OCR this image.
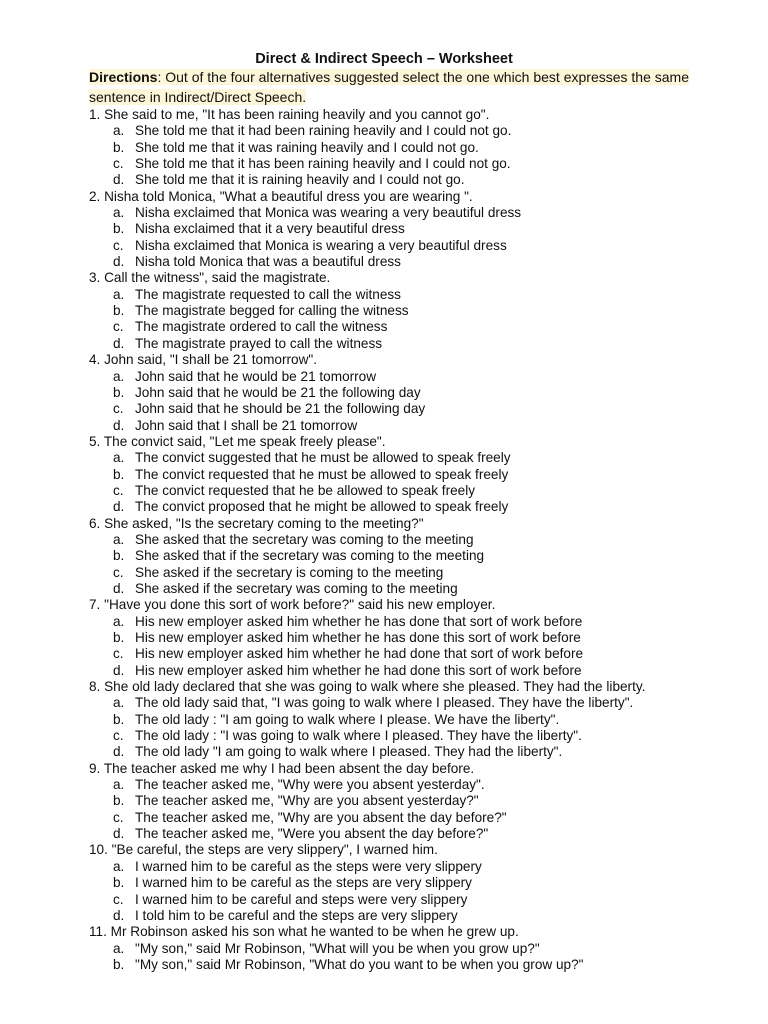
Direct & Indirect Speech – Worksheet
Directions: Out of the four alternatives suggested select the one which best expresses the same
sentence in Indirect/Direct Speech.
1. She said to me, "It has been raining heavily and you cannot go".
a. She told me that it had been raining heavily and I could not go.
b. She told me that it was raining heavily and I could not go.
c. She told me that it has been raining heavily and I could not go.
d. She told me that it is raining heavily and I could not go.
2. Nisha told Monica, "What a beautiful dress you are wearing ".
a. Nisha exclaimed that Monica was wearing a very beautiful dress
b. Nisha exclaimed that it a very beautiful dress
c. Nisha exclaimed that Monica is wearing a very beautiful dress
d. Nisha told Monica that was a beautiful dress
3. Call the witness", said the magistrate.
a. The magistrate requested to call the witness
b. The magistrate begged for calling the witness
c. The magistrate ordered to call the witness
d. The magistrate prayed to call the witness
4. John said, "I shall be 21 tomorrow".
a. John said that he would be 21 tomorrow
b. John said that he would be 21 the following day
c. John said that he should be 21 the following day
d. John said that I shall be 21 tomorrow
5. The convict said, "Let me speak freely please".
a. The convict suggested that he must be allowed to speak freely
b. The convict requested that he must be allowed to speak freely
c. The convict requested that he be allowed to speak freely
d. The convict proposed that he might be allowed to speak freely
6. She asked, "Is the secretary coming to the meeting?"
a. She asked that the secretary was coming to the meeting
b. She asked that if the secretary was coming to the meeting
c. She asked if the secretary is coming to the meeting
d. She asked if the secretary was coming to the meeting
7. "Have you done this sort of work before?" said his new employer.
a. His new employer asked him whether he has done that sort of work before
b. His new employer asked him whether he has done this sort of work before
c. His new employer asked him whether he had done that sort of work before
d. His new employer asked him whether he had done this sort of work before
8. She old lady declared that she was going to walk where she pleased. They had the liberty.
a. The old lady said that, "I was going to walk where I pleased. They have the liberty".
b. The old lady : "I am going to walk where I please. We have the liberty".
c. The old lady : "I was going to walk where I pleased. They have the liberty".
d. The old lady "I am going to walk where I pleased. They had the liberty".
9. The teacher asked me why I had been absent the day before.
a. The teacher asked me, "Why were you absent yesterday".
b. The teacher asked me, "Why are you absent yesterday?"
c. The teacher asked me, "Why are you absent the day before?"
d. The teacher asked me, "Were you absent the day before?"
10. "Be careful, the steps are very slippery", I warned him.
a. I warned him to be careful as the steps were very slippery
b. I warned him to be careful as the steps are very slippery
c. I warned him to be careful and steps were very slippery
d. I told him to be careful and the steps are very slippery
11. Mr Robinson asked his son what he wanted to be when he grew up.
a. "My son," said Mr Robinson, "What will you be when you grow up?"
b. "My son," said Mr Robinson, "What do you want to be when you grow up?"
